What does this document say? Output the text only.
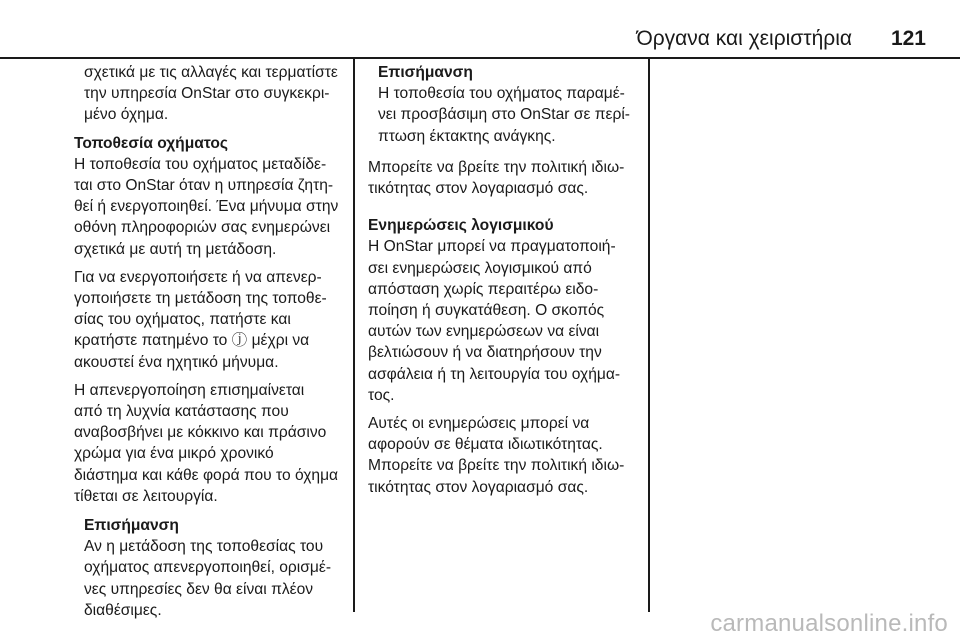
Όργανα και χειριστήρια 121
σχετικά με τις αλλαγές και τερματίστε
την υπηρεσία OnStar στο συγκεκρι-
μένο όχημα.
Τοποθεσία οχήματος
Η τοποθεσία του οχήματος μεταδίδε-
ται στο OnStar όταν η υπηρεσία ζητη-
θεί ή ενεργοποιηθεί. Ένα μήνυμα στην
οθόνη πληροφοριών σας ενημερώνει
σχετικά με αυτή τη μετάδοση.
Για να ενεργοποιήσετε ή να απενερ-
γοποιήσετε τη μετάδοση της τοποθε-
σίας του οχήματος, πατήστε και
κρατήστε πατημένο το ⓙ μέχρι να
ακουστεί ένα ηχητικό μήνυμα.
Η απενεργοποίηση επισημαίνεται
από τη λυχνία κατάστασης που
αναβοσβήνει με κόκκινο και πράσινο
χρώμα για ένα μικρό χρονικό
διάστημα και κάθε φορά που το όχημα
τίθεται σε λειτουργία.
Επισήμανση
Αν η μετάδοση της τοποθεσίας του
οχήματος απενεργοποιηθεί, ορισμέ-
νες υπηρεσίες δεν θα είναι πλέον
διαθέσιμες.
Επισήμανση
Η τοποθεσία του οχήματος παραμέ-
νει προσβάσιμη στο OnStar σε περί-
πτωση έκτακτης ανάγκης.
Μπορείτε να βρείτε την πολιτική ιδιω-
τικότητας στον λογαριασμό σας.
Ενημερώσεις λογισμικού
Η OnStar μπορεί να πραγματοποιή-
σει ενημερώσεις λογισμικού από
απόσταση χωρίς περαιτέρω ειδο-
ποίηση ή συγκατάθεση. Ο σκοπός
αυτών των ενημερώσεων να είναι
βελτιώσουν ή να διατηρήσουν την
ασφάλεια ή τη λειτουργία του οχήμα-
τος.
Αυτές οι ενημερώσεις μπορεί να
αφορούν σε θέματα ιδιωτικότητας.
Μπορείτε να βρείτε την πολιτική ιδιω-
τικότητας στον λογαριασμό σας.
carmanualsonline.info
